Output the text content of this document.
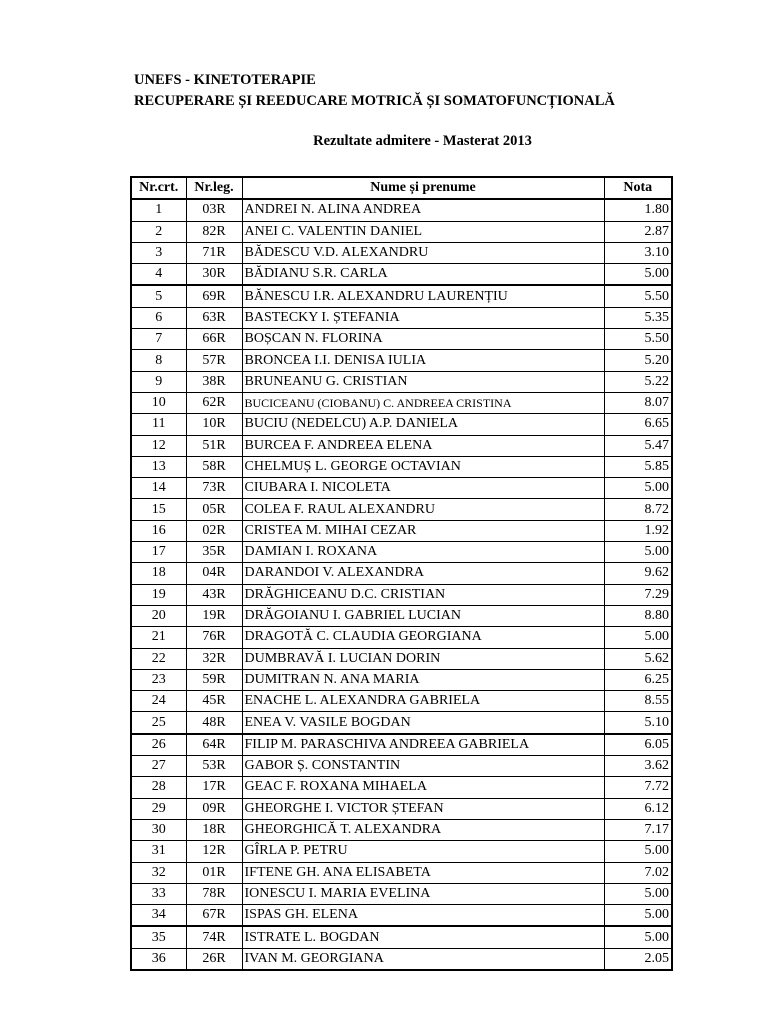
UNEFS - KINETOTERAPIE
RECUPERARE ȘI REEDUCARE MOTRICĂ ȘI SOMATOFUNCȚIONALĂ
Rezultate admitere - Masterat 2013
Nr.crt.	Nr.leg.	Nume și prenume	Nota
1	03R	ANDREI N. ALINA ANDREA	1.80
2	82R	ANEI C. VALENTIN DANIEL	2.87
3	71R	BĂDESCU V.D. ALEXANDRU	3.10
4	30R	BĂDIANU S.R. CARLA	5.00
5	69R	BĂNESCU I.R. ALEXANDRU LAURENȚIU	5.50
6	63R	BASTECKY I. ȘTEFANIA	5.35
7	66R	BOȘCAN N. FLORINA	5.50
8	57R	BRONCEA I.I. DENISA IULIA	5.20
9	38R	BRUNEANU G. CRISTIAN	5.22
10	62R	BUCICEANU (CIOBANU) C. ANDREEA CRISTINA	8.07
11	10R	BUCIU (NEDELCU) A.P. DANIELA	6.65
12	51R	BURCEA F. ANDREEA ELENA	5.47
13	58R	CHELMUȘ L. GEORGE OCTAVIAN	5.85
14	73R	CIUBARA I. NICOLETA	5.00
15	05R	COLEA F. RAUL ALEXANDRU	8.72
16	02R	CRISTEA M. MIHAI CEZAR	1.92
17	35R	DAMIAN I. ROXANA	5.00
18	04R	DARANDOI V. ALEXANDRA	9.62
19	43R	DRĂGHICEANU D.C. CRISTIAN	7.29
20	19R	DRĂGOIANU I. GABRIEL LUCIAN	8.80
21	76R	DRAGOTĂ C. CLAUDIA GEORGIANA	5.00
22	32R	DUMBRAVĂ I. LUCIAN DORIN	5.62
23	59R	DUMITRAN N. ANA MARIA	6.25
24	45R	ENACHE L. ALEXANDRA GABRIELA	8.55
25	48R	ENEA V. VASILE BOGDAN	5.10
26	64R	FILIP M. PARASCHIVA ANDREEA GABRIELA	6.05
27	53R	GABOR Ș. CONSTANTIN	3.62
28	17R	GEAC F. ROXANA MIHAELA	7.72
29	09R	GHEORGHE I. VICTOR ȘTEFAN	6.12
30	18R	GHEORGHICĂ T. ALEXANDRA	7.17
31	12R	GÎRLA P. PETRU	5.00
32	01R	IFTENE GH. ANA ELISABETA	7.02
33	78R	IONESCU I. MARIA EVELINA	5.00
34	67R	ISPAS GH. ELENA	5.00
35	74R	ISTRATE L. BOGDAN	5.00
36	26R	IVAN M. GEORGIANA	2.05
